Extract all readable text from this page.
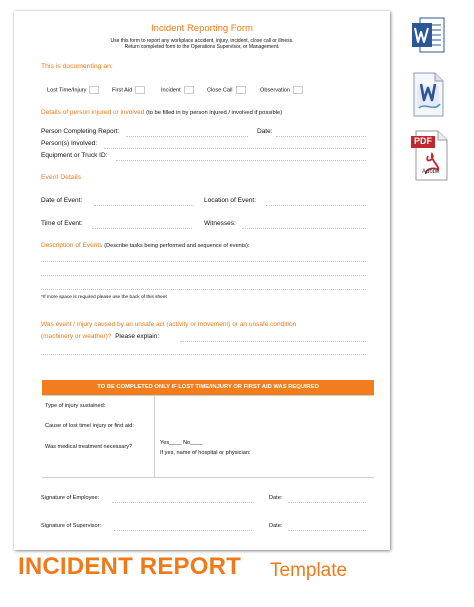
Incident Reporting Form
Use this form to report any workplace accident, injury, incident, close call or illness.
Return completed form to the Operations Supervisor, or Management.
This is documenting an:
Lost Time/Injury	First Aid	Incident	Close Call	Observation
Details of person injured or involved (to be filled in by person injured / involved if possible)
Person Completing Report:	Date:
Person(s) Involved:
Equipment or Truck ID:
Event Details
Date of Event:	Location of Event:
Time of Event:	Witnesses:
Description of Events (Describe tasks being performed and sequence of events):
*If more space is required please use the back of this sheet
Was event / injury caused by an unsafe act (activity or movement) or an unsafe condition
(machinery or weather)? Please explain:
TO BE COMPLETED ONLY IF LOST TIME/INJURY OR FIRST AID WAS REQUIRED
Type of injury sustained:
Cause of lost time/ injury or first aid:
Was medical treatment necessary?
Yes____ No____
If yes, name of hospital or physician:
Signature of Employee:	Date:
Signature of Supervisor:	Date:
PDF
Adobe
INCIDENT REPORT Template
